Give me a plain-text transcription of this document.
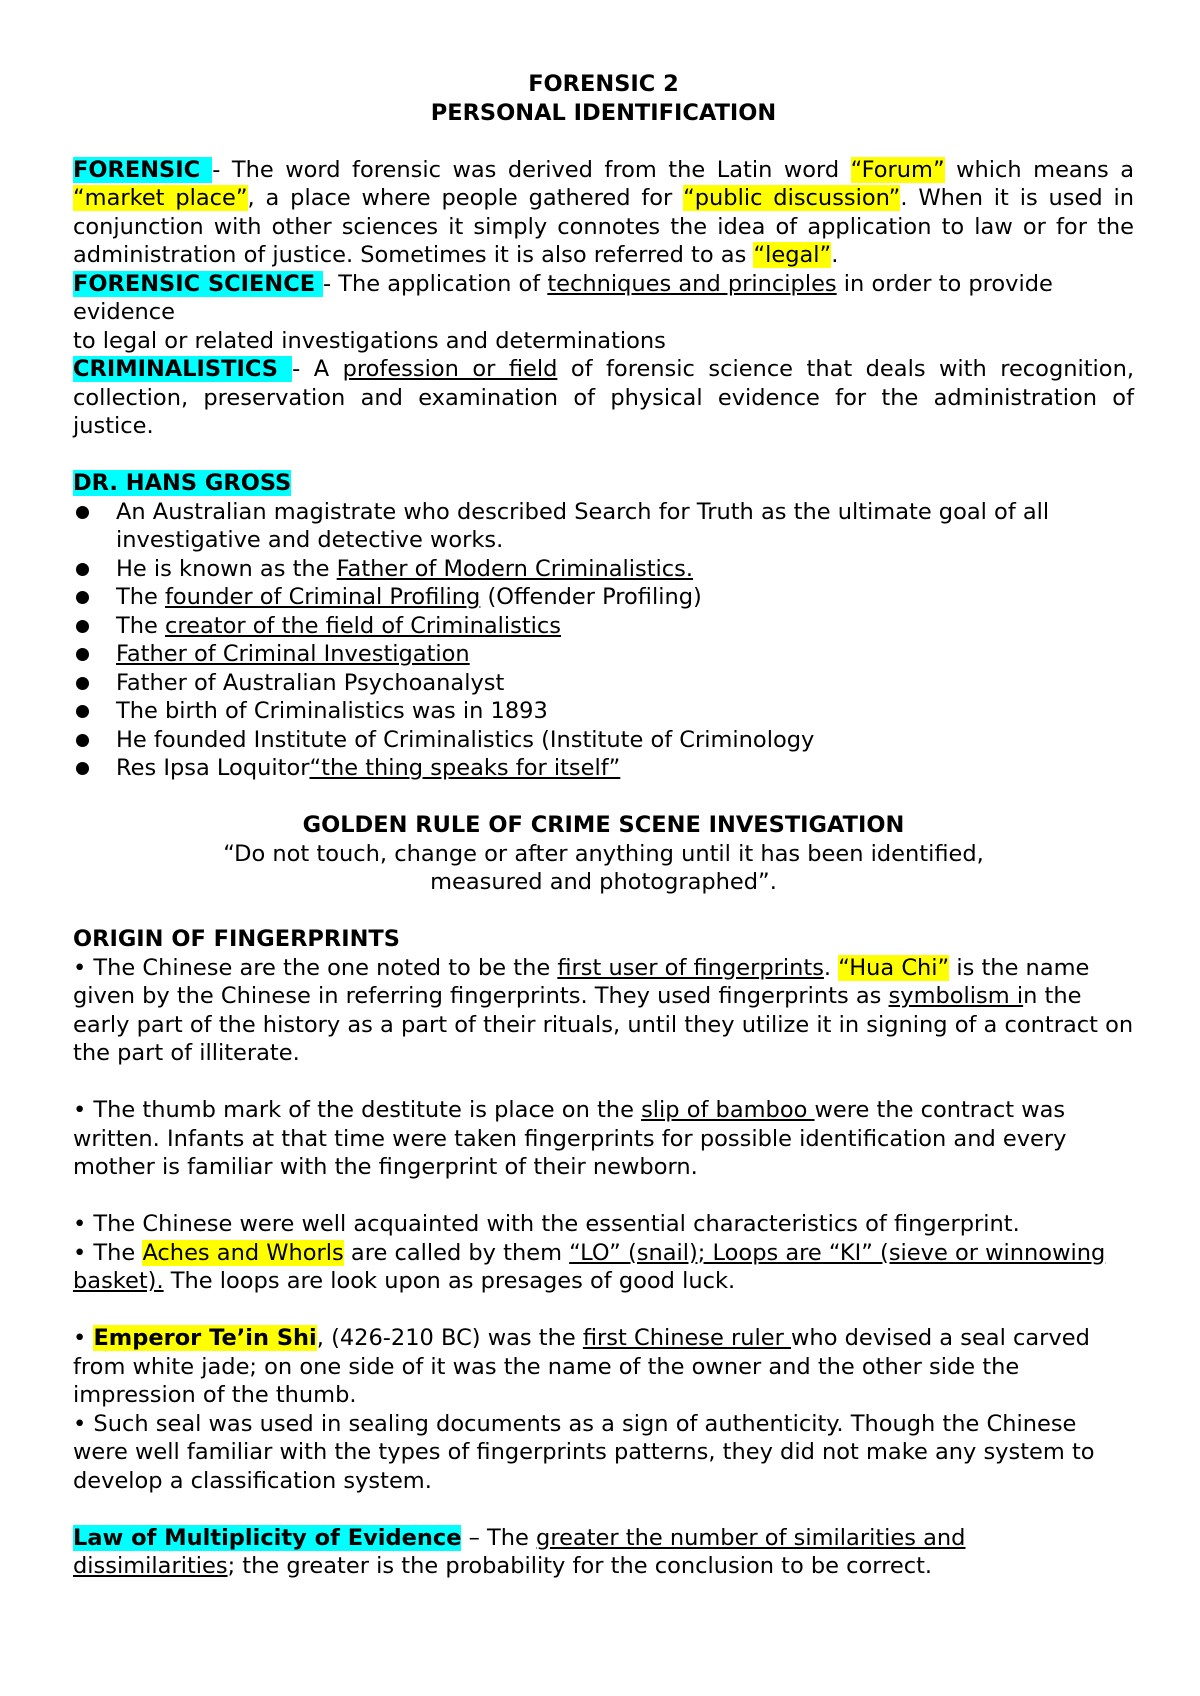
FORENSIC 2

PERSONAL IDENTIFICATION

FORENSIC - The word forensic was derived from the Latin word “Forum” which means a “market place”, a place where people gathered for “public discussion”. When it is used in conjunction with other sciences it simply connotes the idea of application to law or for the administration of justice. Sometimes it is also referred to as “legal”.

FORENSIC SCIENCE - The application of techniques and principles in order to provide evidence

to legal or related investigations and determinations

CRIMINALISTICS - A profession or field of forensic science that deals with recognition, collection, preservation and examination of physical evidence for the administration of justice.

DR. HANS GROSS

An Australian magistrate who described Search for Truth as the ultimate goal of all investigative and detective works.
He is known as the Father of Modern Criminalistics.
The founder of Criminal Profiling (Offender Profiling)
The creator of the field of Criminalistics
Father of Criminal Investigation
Father of Australian Psychoanalyst
The birth of Criminalistics was in 1893
He founded Institute of Criminalistics (Institute of Criminology
Res Ipsa Loquitor“the thing speaks for itself”

GOLDEN RULE OF CRIME SCENE INVESTIGATION

“Do not touch, change or after anything until it has been identified,

measured and photographed”.

ORIGIN OF FINGERPRINTS

• The Chinese are the one noted to be the first user of fingerprints. “Hua Chi” is the name given by the Chinese in referring fingerprints. They used fingerprints as symbolism in the early part of the history as a part of their rituals, until they utilize it in signing of a contract on the part of illiterate.

• The thumb mark of the destitute is place on the slip of bamboo were the contract was written. Infants at that time were taken fingerprints for possible identification and every mother is familiar with the fingerprint of their newborn.

• The Chinese were well acquainted with the essential characteristics of fingerprint.

• The Aches and Whorls are called by them “LO” (snail); Loops are “KI” (sieve or winnowing basket). The loops are look upon as presages of good luck.

• Emperor Te’in Shi, (426-210 BC) was the first Chinese ruler who devised a seal carved from white jade; on one side of it was the name of the owner and the other side the impression of the thumb.

• Such seal was used in sealing documents as a sign of authenticity. Though the Chinese were well familiar with the types of fingerprints patterns, they did not make any system to develop a classification system.

Law of Multiplicity of Evidence – The greater the number of similarities and dissimilarities; the greater is the probability for the conclusion to be correct.
